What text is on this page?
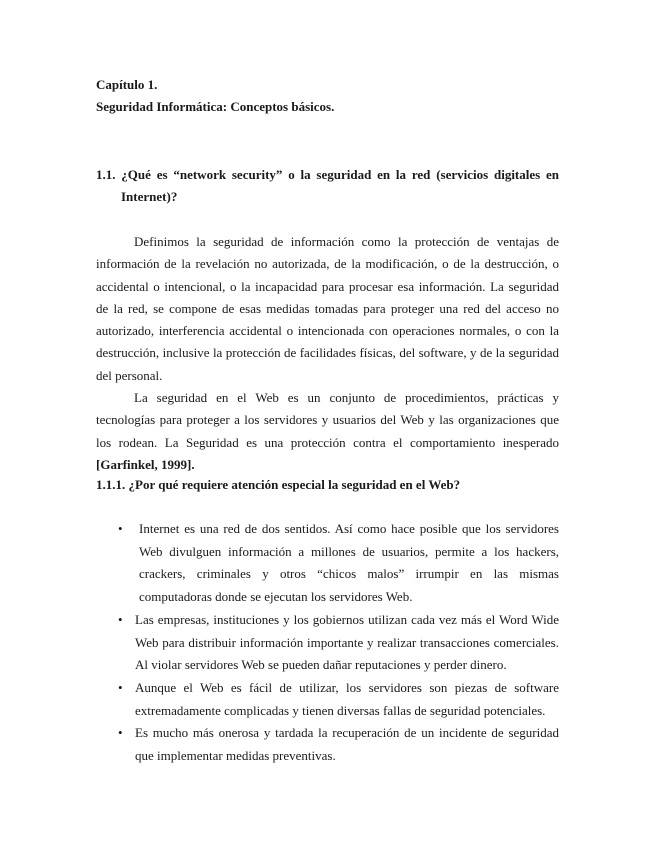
Capítulo 1.
Seguridad Informática: Conceptos básicos.
1.1. ¿Qué es “network security” o la seguridad en la red (servicios digitales en
Internet)?
Definimos la seguridad de información como la protección de ventajas de información de la revelación no autorizada, de la modificación, o de la destrucción, o accidental o intencional, o la incapacidad para procesar esa información. La seguridad de la red, se compone de esas medidas tomadas para proteger una red del acceso no autorizado, interferencia accidental o intencionada con operaciones normales, o con la destrucción, inclusive la protección de facilidades físicas, del software, y de la seguridad del personal.
La seguridad en el Web es un conjunto de procedimientos, prácticas y tecnologías para proteger a los servidores y usuarios del Web y las organizaciones que los rodean. La Seguridad es una protección contra el comportamiento inesperado [Garfinkel, 1999].
1.1.1. ¿Por qué requiere atención especial la seguridad en el Web?
• Internet es una red de dos sentidos. Así como hace posible que los servidores Web divulguen información a millones de usuarios, permite a los hackers, crackers, criminales y otros “chicos malos” irrumpir en las mismas computadoras donde se ejecutan los servidores Web.
• Las empresas, instituciones y los gobiernos utilizan cada vez más el Word Wide Web para distribuir información importante y realizar transacciones comerciales. Al violar servidores Web se pueden dañar reputaciones y perder dinero.
• Aunque el Web es fácil de utilizar, los servidores son piezas de software extremadamente complicadas y tienen diversas fallas de seguridad potenciales.
• Es mucho más onerosa y tardada la recuperación de un incidente de seguridad que implementar medidas preventivas.
